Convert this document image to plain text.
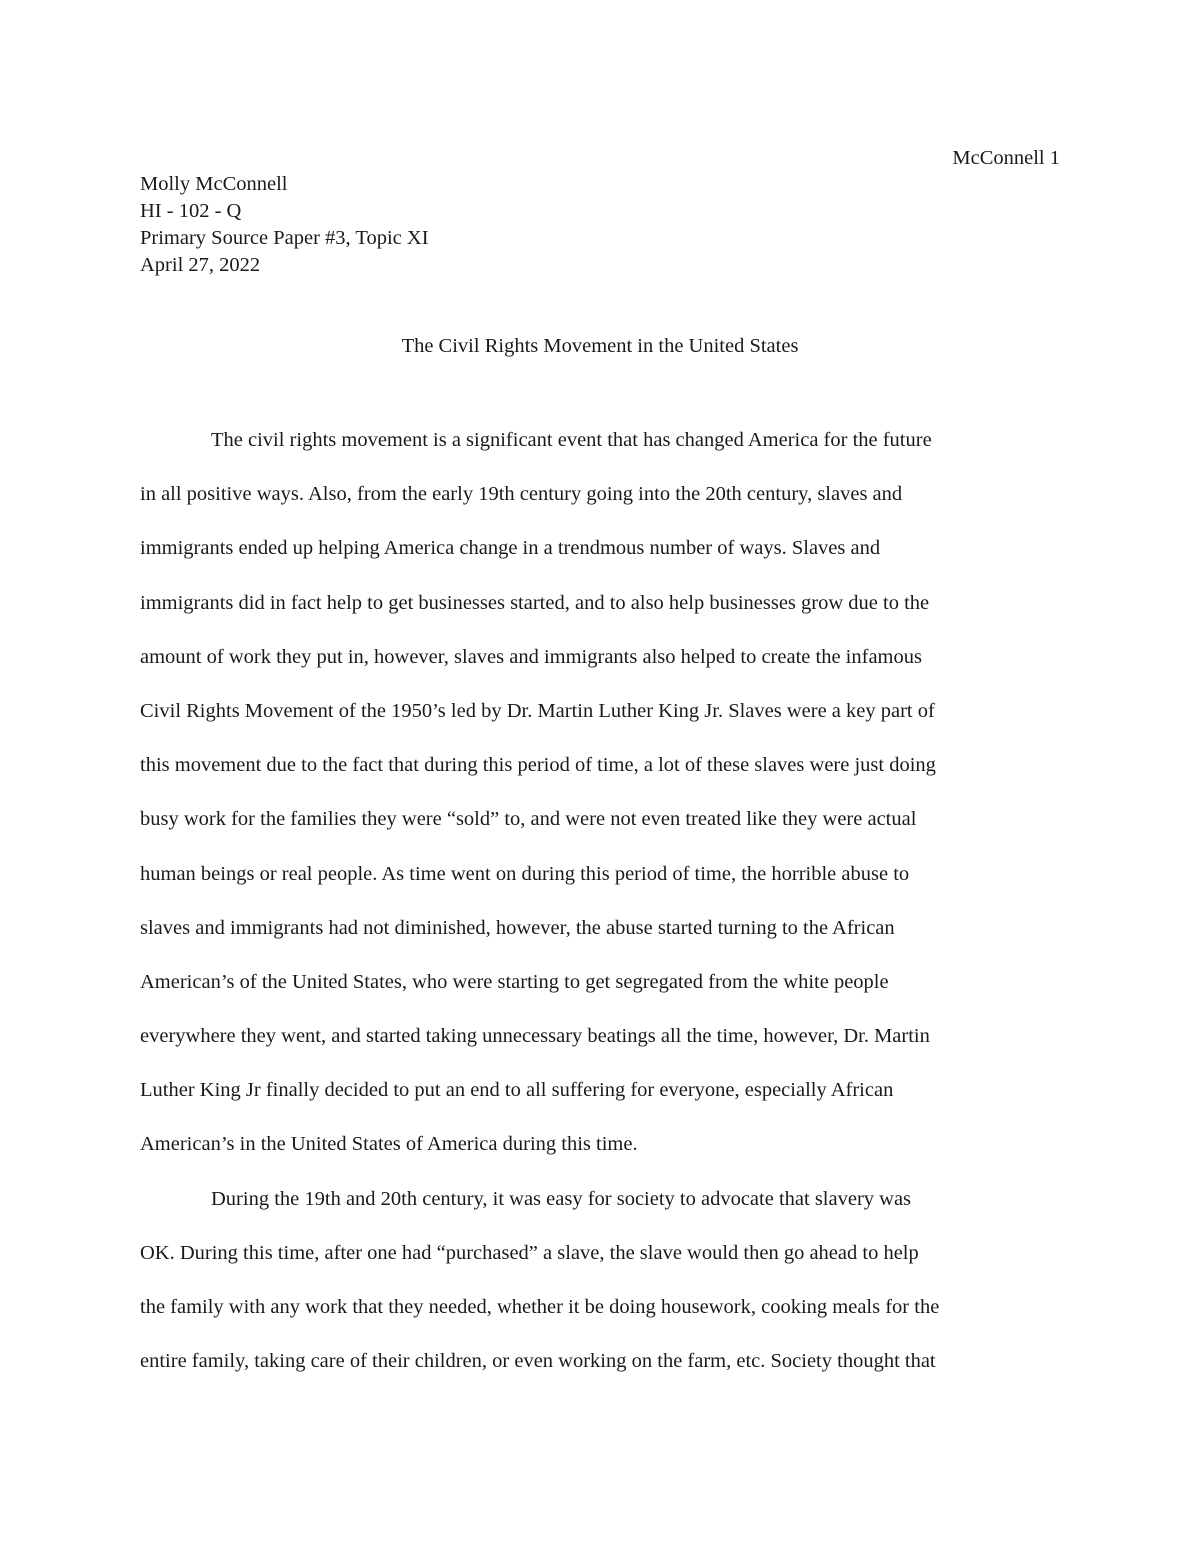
McConnell 1
Molly McConnell
HI - 102 - Q
Primary Source Paper #3, Topic XI
April 27, 2022
The Civil Rights Movement in the United States
The civil rights movement is a significant event that has changed America for the future
in all positive ways. Also, from the early 19th century going into the 20th century, slaves and
immigrants ended up helping America change in a trendmous number of ways. Slaves and
immigrants did in fact help to get businesses started, and to also help businesses grow due to the
amount of work they put in, however, slaves and immigrants also helped to create the infamous
Civil Rights Movement of the 1950’s led by Dr. Martin Luther King Jr. Slaves were a key part of
this movement due to the fact that during this period of time, a lot of these slaves were just doing
busy work for the families they were “sold” to, and were not even treated like they were actual
human beings or real people. As time went on during this period of time, the horrible abuse to
slaves and immigrants had not diminished, however, the abuse started turning to the African
American’s of the United States, who were starting to get segregated from the white people
everywhere they went, and started taking unnecessary beatings all the time, however, Dr. Martin
Luther King Jr finally decided to put an end to all suffering for everyone, especially African
American’s in the United States of America during this time.
During the 19th and 20th century, it was easy for society to advocate that slavery was
OK. During this time, after one had “purchased” a slave, the slave would then go ahead to help
the family with any work that they needed, whether it be doing housework, cooking meals for the
entire family, taking care of their children, or even working on the farm, etc. Society thought that
